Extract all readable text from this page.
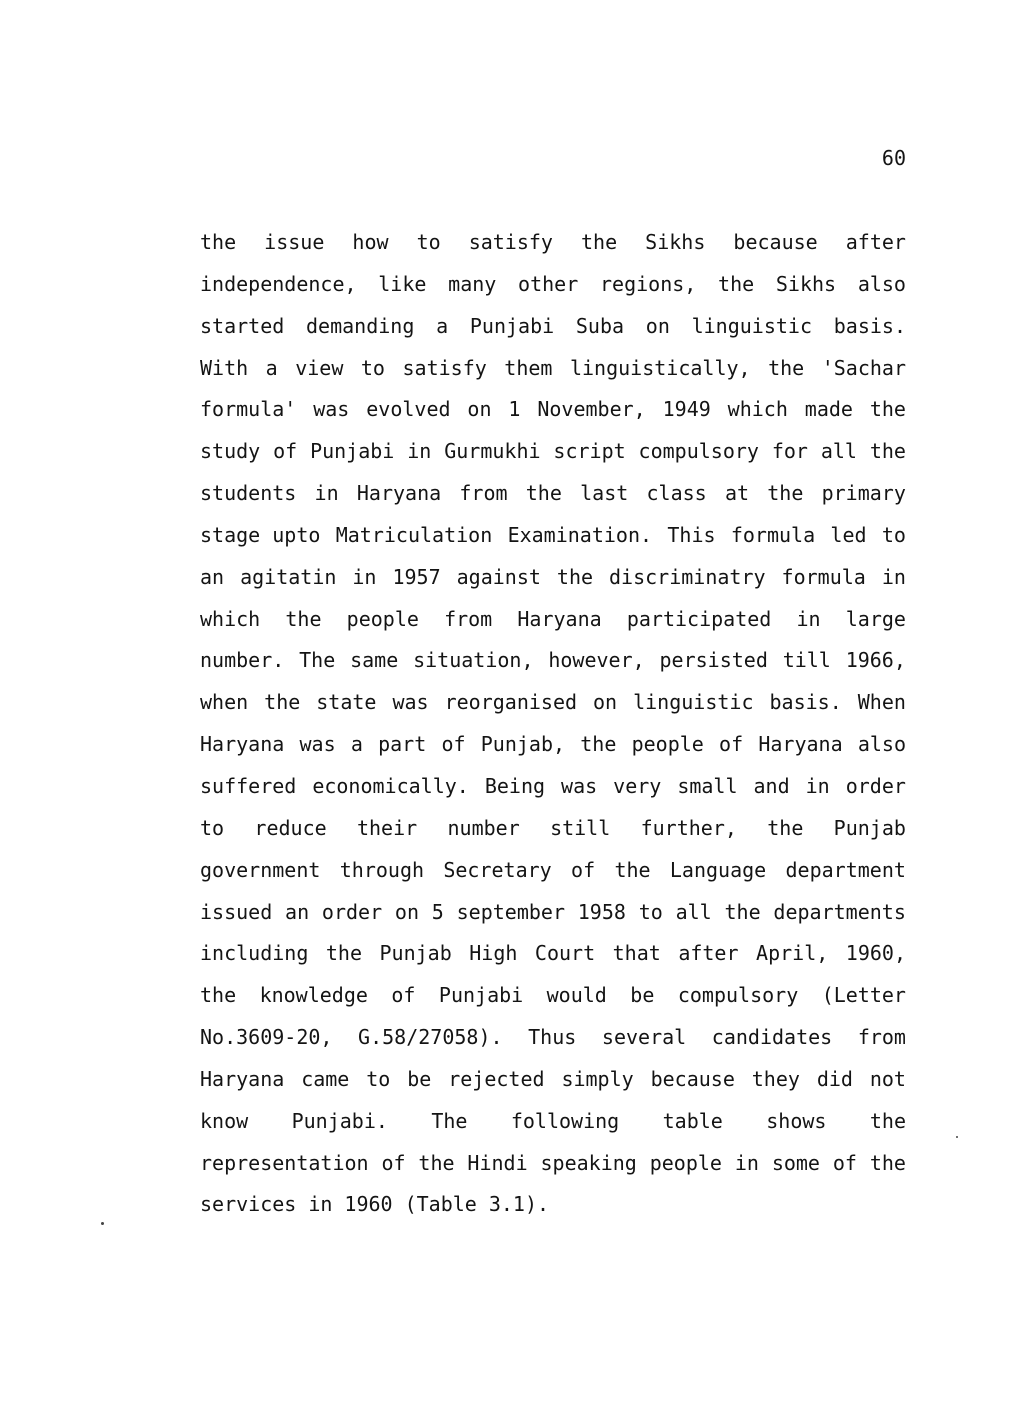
60
the issue how to satisfy the Sikhs because after
independence, like many other regions, the Sikhs also
started demanding a Punjabi Suba on linguistic basis.
With a view to satisfy them linguistically, the 'Sachar
formula' was evolved on 1 November, 1949 which made the
study of Punjabi in Gurmukhi script compulsory for all the
students in Haryana from the last class at the primary
stage upto Matriculation Examination. This formula led to
an agitatin in 1957 against the discriminatry formula in
which the people from Haryana participated in large
number. The same situation, however, persisted till 1966,
when the state was reorganised on linguistic basis. When
Haryana was a part of Punjab, the people of Haryana also
suffered economically. Being was very small and in order
to reduce their number still further, the Punjab
government through Secretary of the Language department
issued an order on 5 september 1958 to all the departments
including the Punjab High Court that after April, 1960,
the knowledge of Punjabi would be compulsory (Letter
No.3609-20, G.58/27058). Thus several candidates from
Haryana came to be rejected simply because they did not
know Punjabi. The following table shows the
representation of the Hindi speaking people in some of the
services in 1960 (Table 3.1).
